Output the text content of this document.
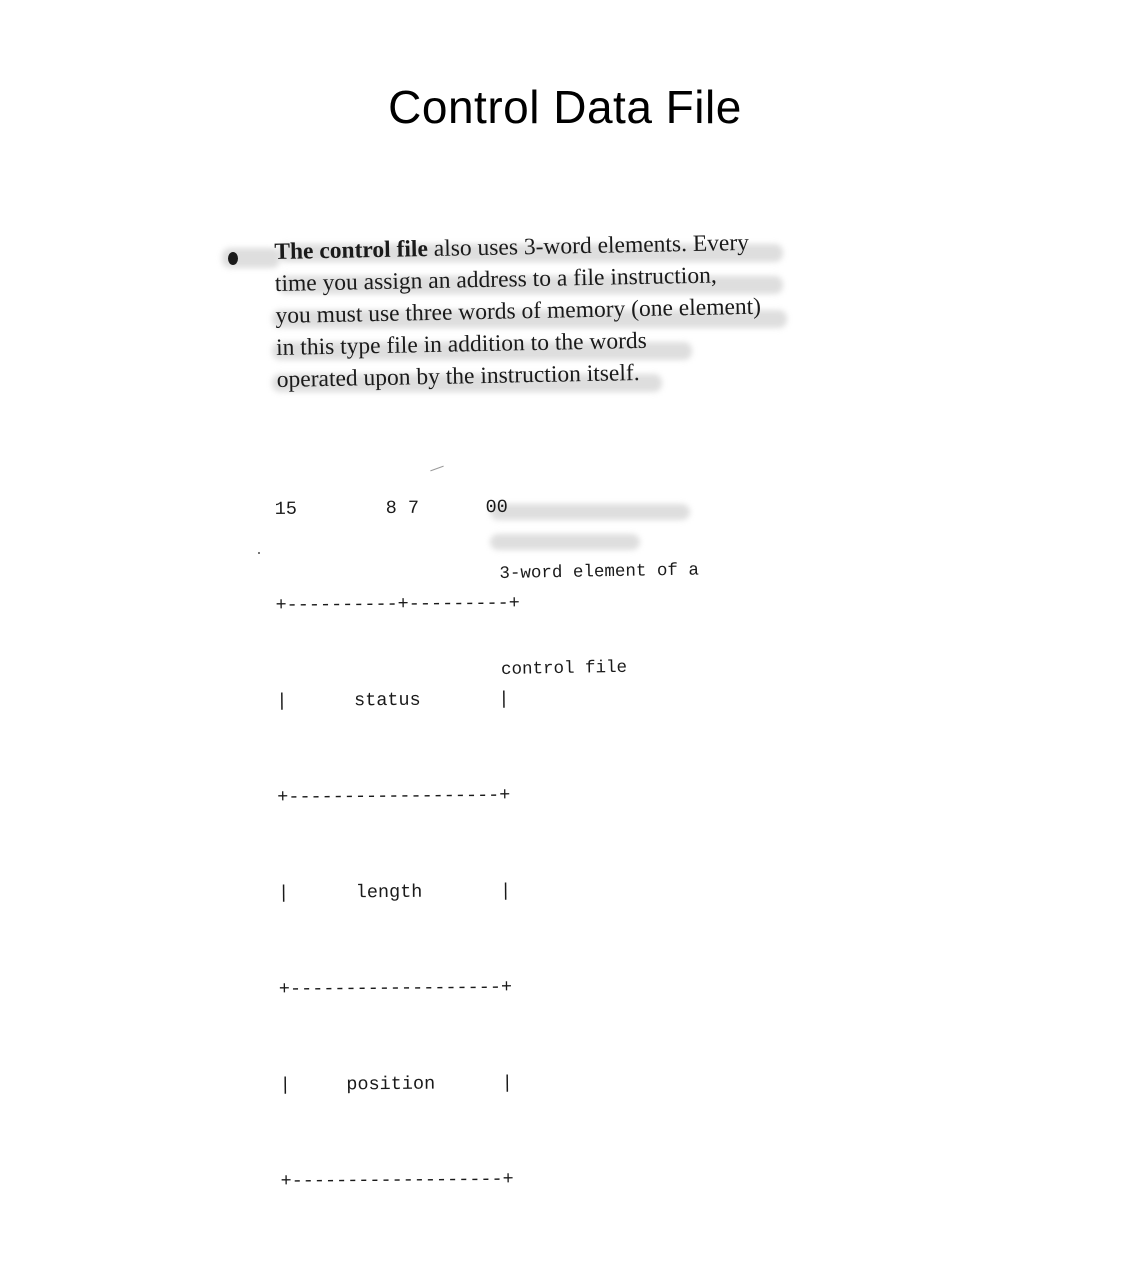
Control Data File

The control file also uses 3-word elements. Every
time you assign an address to a file instruction,
you must use three words of memory (one element)
in this type file in addition to the words
operated upon by the instruction itself.

15        8 7      00

+----------+---------+

|      status       |

+-------------------+

|      length       |

+-------------------+

|     position      |

+-------------------+

3-word element of a

control file
